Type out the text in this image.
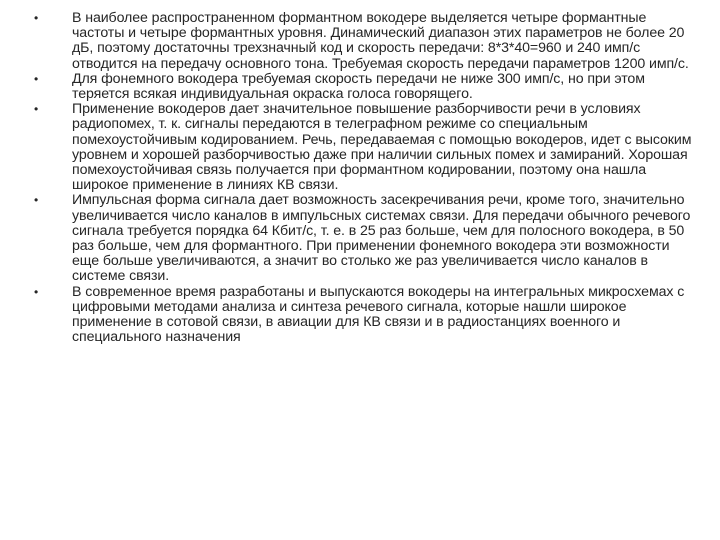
• В наиболее распространенном формантном вокодере выделяется четыре формантные частоты и четыре формантных уровня. Динамический диапазон этих параметров не более 20 дБ, поэтому достаточны трехзначный код и скорость передачи: 8*3*40=960 и 240 имп/с отводится на передачу основного тона. Требуемая скорость передачи параметров 1200 имп/с.
• Для фонемного вокодера требуемая скорость передачи не ниже 300 имп/с, но при этом теряется всякая индивидуальная окраска голоса говорящего.
• Применение вокодеров дает значительное повышение разборчивости речи в условиях радиопомех, т. к. сигналы передаются в телеграфном режиме со специальным помехоустойчивым кодированием. Речь, передаваемая с помощью вокодеров, идет с высоким уровнем и хорошей разборчивостью даже при наличии сильных помех и замираний. Хорошая помехоустойчивая связь получается при формантном кодировании, поэтому она нашла широкое применение в линиях КВ связи.
• Импульсная форма сигнала дает возможность засекречивания речи, кроме того, значительно увеличивается число каналов в импульсных системах связи. Для передачи обычного речевого сигнала требуется порядка 64 Кбит/с, т. е. в 25 раз больше, чем для полосного вокодера, в 50 раз больше, чем для формантного. При применении фонемного вокодера эти возможности еще больше увеличиваются, а значит во столько же раз увеличивается число каналов в системе связи.
• В современное время разработаны и выпускаются вокодеры на интегральных микросхемах с цифровыми методами анализа и синтеза речевого сигнала, которые нашли широкое применение в сотовой связи, в авиации для КВ связи и в радиостанциях военного и специального назначения
